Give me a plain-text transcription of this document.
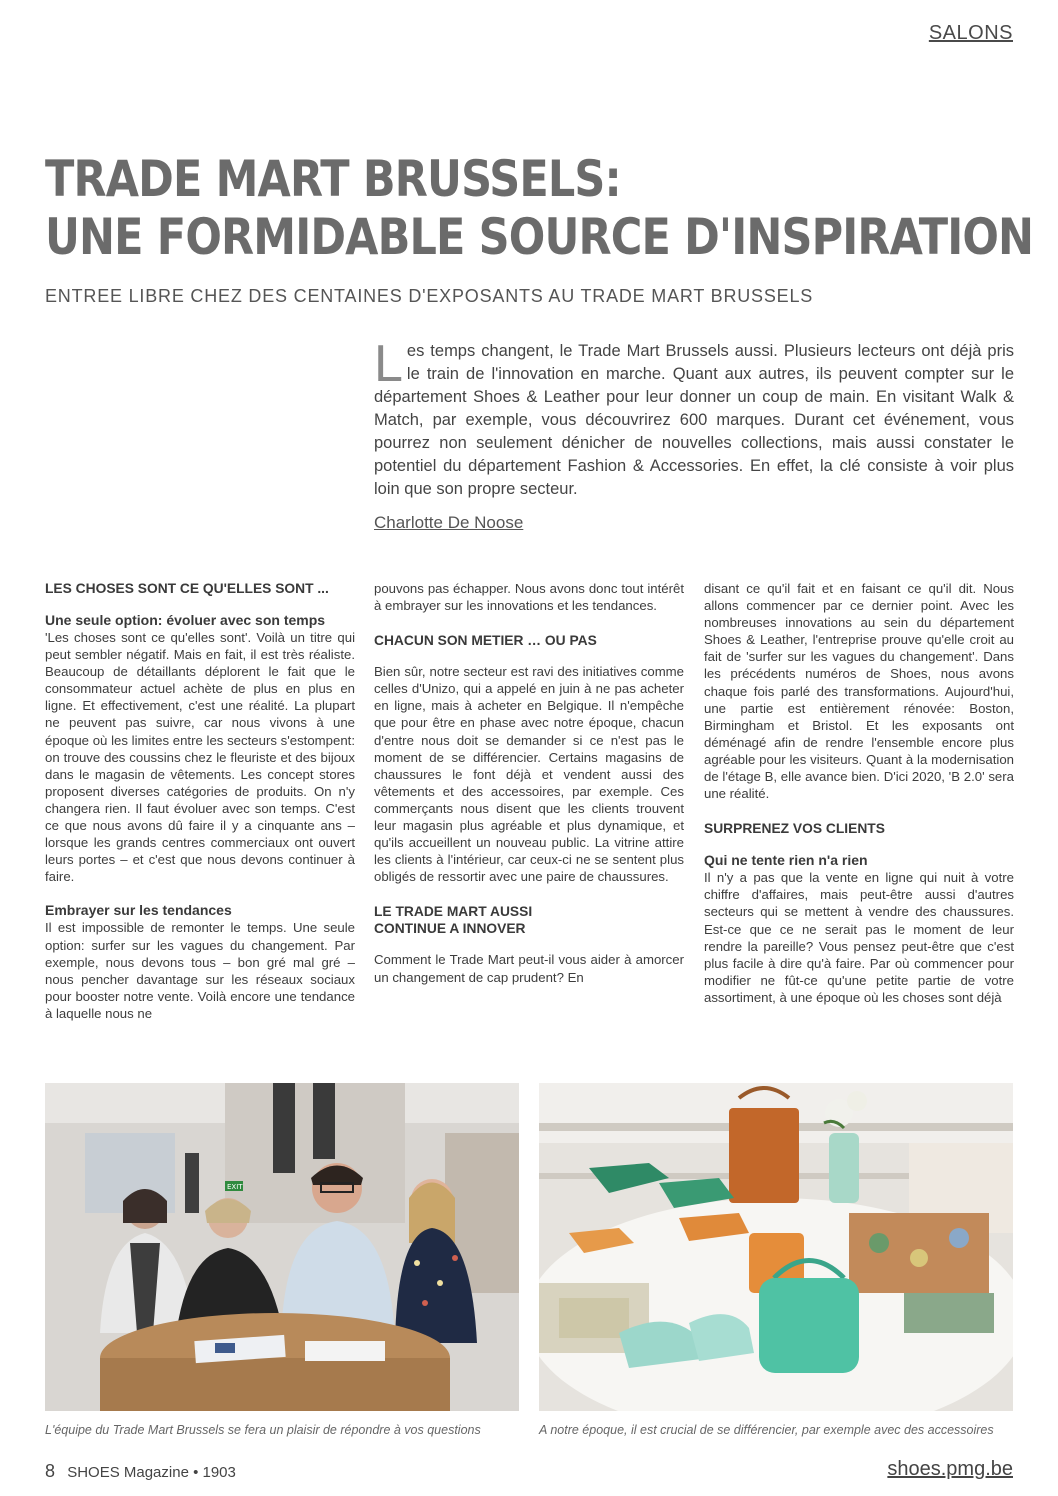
SALONS
TRADE MART BRUSSELS:
UNE FORMIDABLE SOURCE D'INSPIRATION
ENTREE LIBRE CHEZ DES CENTAINES D'EXPOSANTS AU TRADE MART BRUSSELS
L es temps changent, le Trade Mart Brussels aussi. Plusieurs lecteurs ont déjà pris le train de l'innovation en marche. Quant aux autres, ils peuvent compter sur le département Shoes & Leather pour leur donner un coup de main. En visitant Walk & Match, par exemple, vous découvrirez 600 marques. Durant cet événement, vous pourrez non seulement dénicher de nouvelles collections, mais aussi constater le potentiel du département Fashion & Accessories. En effet, la clé consiste à voir plus loin que son propre secteur.
Charlotte De Noose
LES CHOSES SONT CE QU'ELLES SONT ...
Une seule option: évoluer avec son temps

'Les choses sont ce qu'elles sont'. Voilà un titre qui peut sembler négatif. Mais en fait, il est très réaliste. Beaucoup de détaillants déplorent le fait que le consommateur actuel achète de plus en plus en ligne. Et effectivement, c'est une réalité. La plupart ne peuvent pas suivre, car nous vivons à une époque où les limites entre les secteurs s'estompent: on trouve des coussins chez le fleuriste et des bijoux dans le magasin de vêtements. Les concept stores proposent diverses catégories de produits. On n'y changera rien. Il faut évoluer avec son temps. C'est ce que nous avons dû faire il y a cinquante ans – lorsque les grands centres commerciaux ont ouvert leurs portes – et c'est que nous devons continuer à faire.

Embrayer sur les tendances

Il est impossible de remonter le temps. Une seule option: surfer sur les vagues du changement. Par exemple, nous devons tous – bon gré mal gré – nous pencher davantage sur les réseaux sociaux pour booster notre vente. Voilà encore une tendance à laquelle nous ne

pouvons pas échapper. Nous avons donc tout intérêt à embrayer sur les innovations et les tendances.

CHACUN SON METIER … OU PAS

Bien sûr, notre secteur est ravi des initiatives comme celles d'Unizo, qui a appelé en juin à ne pas acheter en ligne, mais à acheter en Belgique. Il n'empêche que pour être en phase avec notre époque, chacun d'entre nous doit se demander si ce n'est pas le moment de se différencier. Certains magasins de chaussures le font déjà et vendent aussi des vêtements et des accessoires, par exemple. Ces commerçants nous disent que les clients trouvent leur magasin plus agréable et plus dynamique, et qu'ils accueillent un nouveau public. La vitrine attire les clients à l'intérieur, car ceux-ci ne se sentent plus obligés de ressortir avec une paire de chaussures.

LE TRADE MART AUSSI
CONTINUE A INNOVER

Comment le Trade Mart peut-il vous aider à amorcer un changement de cap prudent? En

disant ce qu'il fait et en faisant ce qu'il dit. Nous allons commencer par ce dernier point. Avec les nombreuses innovations au sein du département Shoes & Leather, l'entreprise prouve qu'elle croit au fait de 'surfer sur les vagues du changement'. Dans les précédents numéros de Shoes, nous avons chaque fois parlé des transformations. Aujourd'hui, une partie est entièrement rénovée: Boston, Birmingham et Bristol. Et les exposants ont déménagé afin de rendre l'ensemble encore plus agréable pour les visiteurs. Quant à la modernisation de l'étage B, elle avance bien. D'ici 2020, 'B 2.0' sera une réalité.

SURPRENEZ VOS CLIENTS
Qui ne tente rien n'a rien

Il n'y a pas que la vente en ligne qui nuit à votre chiffre d'affaires, mais peut-être aussi d'autres secteurs qui se mettent à vendre des chaussures. Est-ce que ce ne serait pas le moment de leur rendre la pareille? Vous pensez peut-être que c'est plus facile à dire qu'à faire. Par où commencer pour modifier ne fût-ce qu'une petite partie de votre assortiment, à une époque où les choses sont déjà

EXIT
L'équipe du Trade Mart Brussels se fera un plaisir de répondre à vos questions	A notre époque, il est crucial de se différencier, par exemple avec des accessoires
8 SHOES Magazine • 1903	shoes.pmg.be
